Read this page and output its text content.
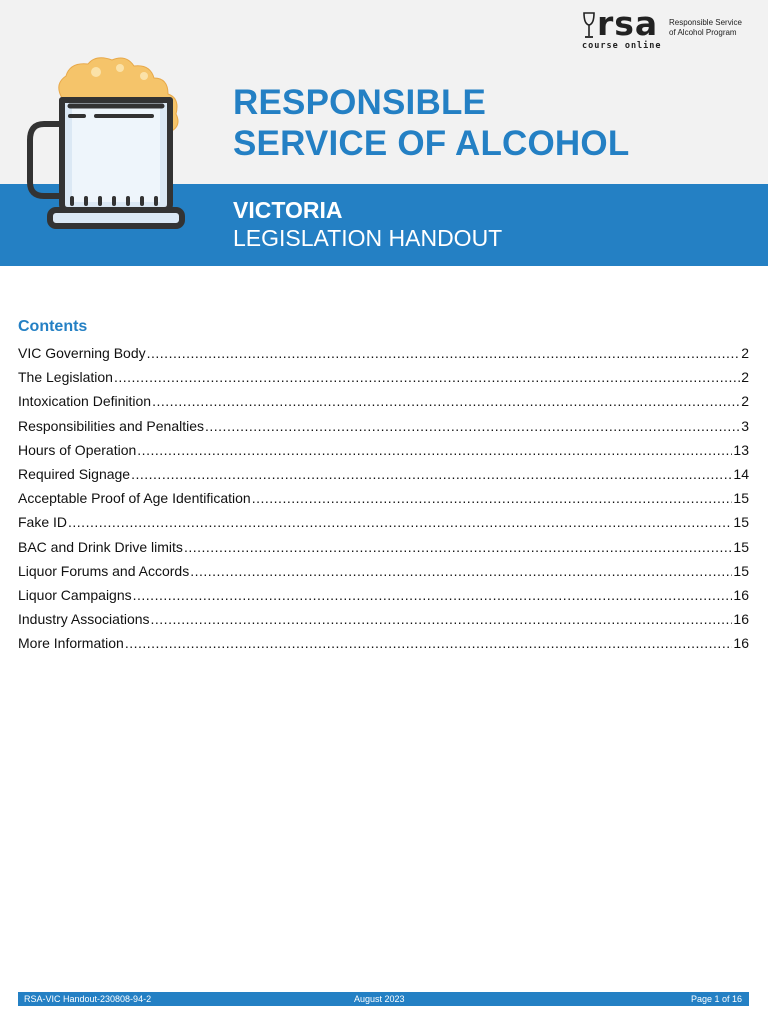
RESPONSIBLE
SERVICE OF ALCOHOL
VICTORIA
LEGISLATION HANDOUT
rsa
course online
Responsible Service
of Alcohol Program
Contents
VIC Governing Body .....	2
The Legislation .....	2
Intoxication Definition .....	2
Responsibilities and Penalties .....	3
Hours of Operation .....	13
Required Signage .....	14
Acceptable Proof of Age Identification .....	15
Fake ID .....	15
BAC and Drink Drive limits .....	15
Liquor Forums and Accords .....	15
Liquor Campaigns .....	16
Industry Associations .....	16
More Information .....	16
RSA-VIC Handout-230808-94-2	August 2023	Page 1 of 16
